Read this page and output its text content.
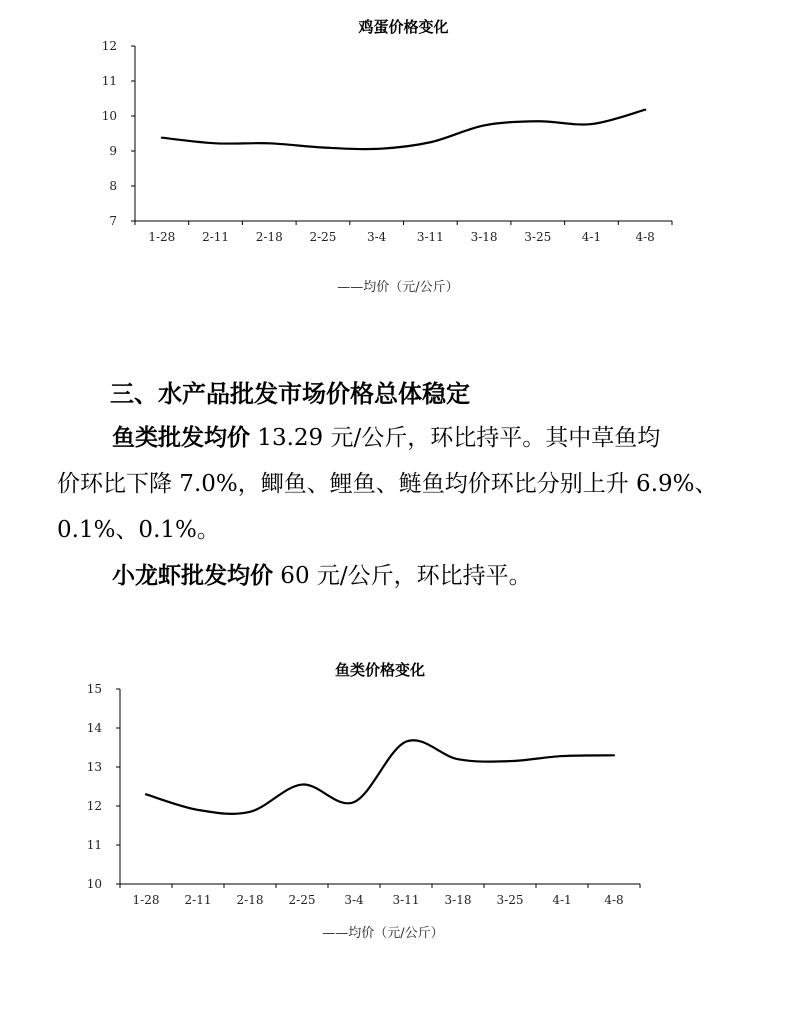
鸡蛋价格变化
7
8
9
10
11
12
1-28 2-11 2-18 2-25	3-4	3-11 3-18 3-25	4-1	4-8
——均价（元/公斤）
三、水产品批发市场价格总体稳定
鱼类批发均价 13.29 元/公斤，环比持平。其中草鱼均
价环比下降 7.0%，鲫鱼、鲤鱼、鲢鱼均价环比分别上升 6.9%、
0.1%、0.1%。
小龙虾批发均价 60 元/公斤，环比持平。
鱼类价格变化
10
11
12
13
14
15
1-28 2-11 2-18 2-25 3-4 3-11 3-18 3-25 4-1	4-8
——均价（元/公斤）
